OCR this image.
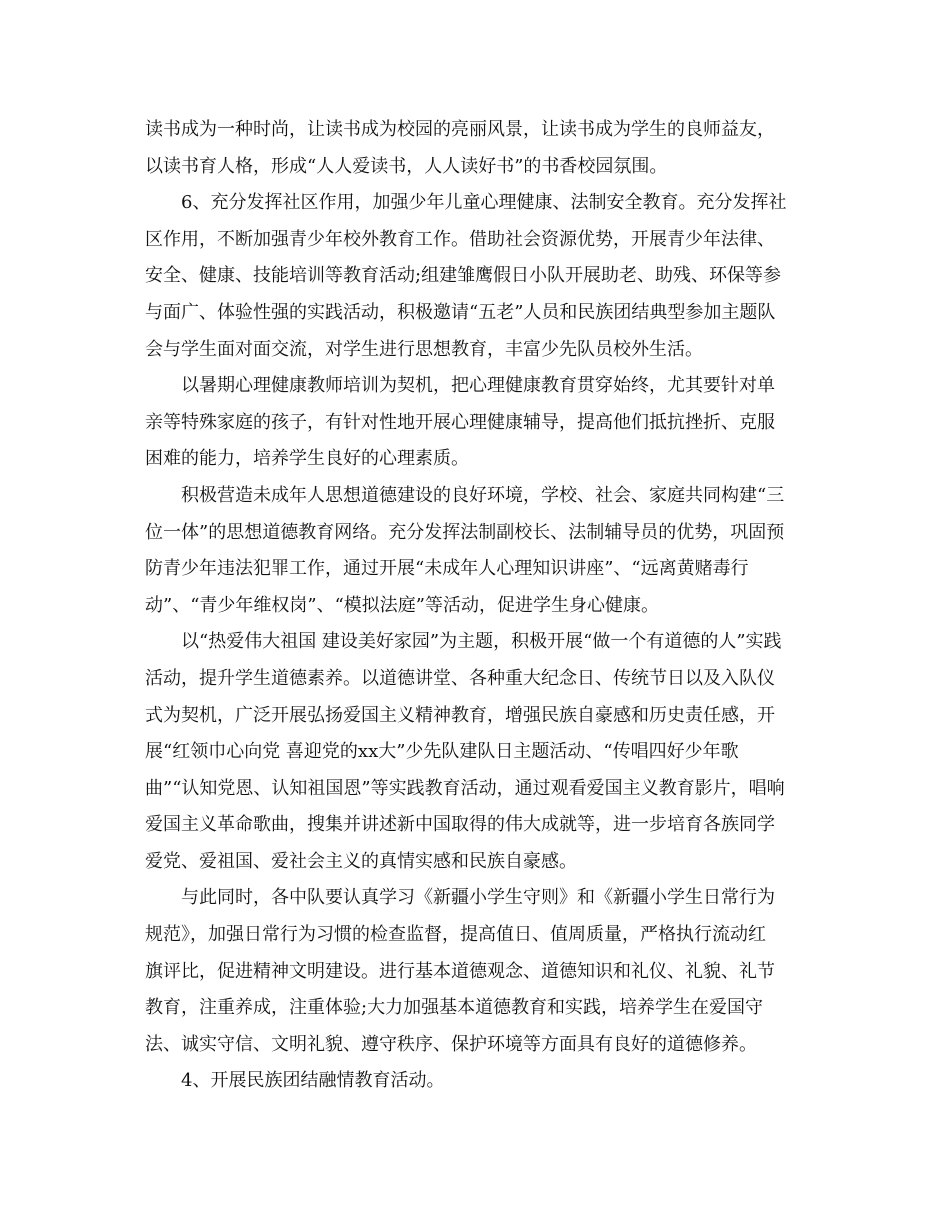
读书成为一种时尚，让读书成为校园的亮丽风景，让读书成为学生的良师益友，
以读书育人格，形成“人人爱读书，人人读好书”的书香校园氛围。
6、充分发挥社区作用，加强少年儿童心理健康、法制安全教育。充分发挥社
区作用，不断加强青少年校外教育工作。借助社会资源优势，开展青少年法律、
安全、健康、技能培训等教育活动;组建雏鹰假日小队开展助老、助残、环保等参
与面广、体验性强的实践活动，积极邀请“五老”人员和民族团结典型参加主题队
会与学生面对面交流，对学生进行思想教育，丰富少先队员校外生活。
以暑期心理健康教师培训为契机，把心理健康教育贯穿始终，尤其要针对单
亲等特殊家庭的孩子，有针对性地开展心理健康辅导，提高他们抵抗挫折、克服
困难的能力，培养学生良好的心理素质。
积极营造未成年人思想道德建设的良好环境，学校、社会、家庭共同构建“三
位一体”的思想道德教育网络。充分发挥法制副校长、法制辅导员的优势，巩固预
防青少年违法犯罪工作，通过开展“未成年人心理知识讲座”、“远离黄赌毒行
动”、“青少年维权岗”、“模拟法庭”等活动，促进学生身心健康。
以“热爱伟大祖国 建设美好家园”为主题，积极开展“做一个有道德的人”实践
活动，提升学生道德素养。以道德讲堂、各种重大纪念日、传统节日以及入队仪
式为契机，广泛开展弘扬爱国主义精神教育，增强民族自豪感和历史责任感，开
展“红领巾心向党 喜迎党的xx大”少先队建队日主题活动、“传唱四好少年歌
曲”“认知党恩、认知祖国恩”等实践教育活动，通过观看爱国主义教育影片，唱响
爱国主义革命歌曲，搜集并讲述新中国取得的伟大成就等，进一步培育各族同学
爱党、爱祖国、爱社会主义的真情实感和民族自豪感。
与此同时，各中队要认真学习《新疆小学生守则》和《新疆小学生日常行为
规范》，加强日常行为习惯的检查监督，提高值日、值周质量，严格执行流动红
旗评比，促进精神文明建设。进行基本道德观念、道德知识和礼仪、礼貌、礼节
教育，注重养成，注重体验;大力加强基本道德教育和实践，培养学生在爱国守
法、诚实守信、文明礼貌、遵守秩序、保护环境等方面具有良好的道德修养。
4、开展民族团结融情教育活动。
